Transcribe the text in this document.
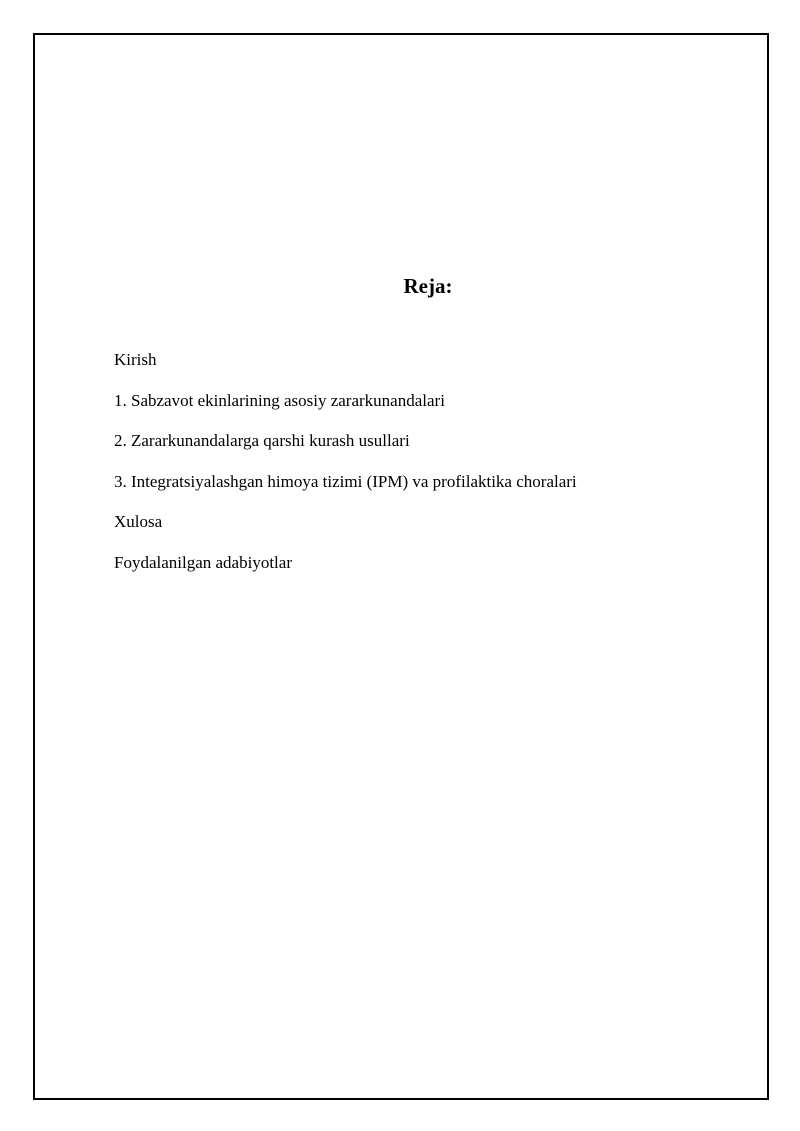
Reja:
Kirish
1. Sabzavot ekinlarining asosiy zararkunandalari
2. Zararkunandalarga qarshi kurash usullari
3. Integratsiyalashgan himoya tizimi (IPM) va profilaktika choralari
Xulosa
Foydalanilgan adabiyotlar
